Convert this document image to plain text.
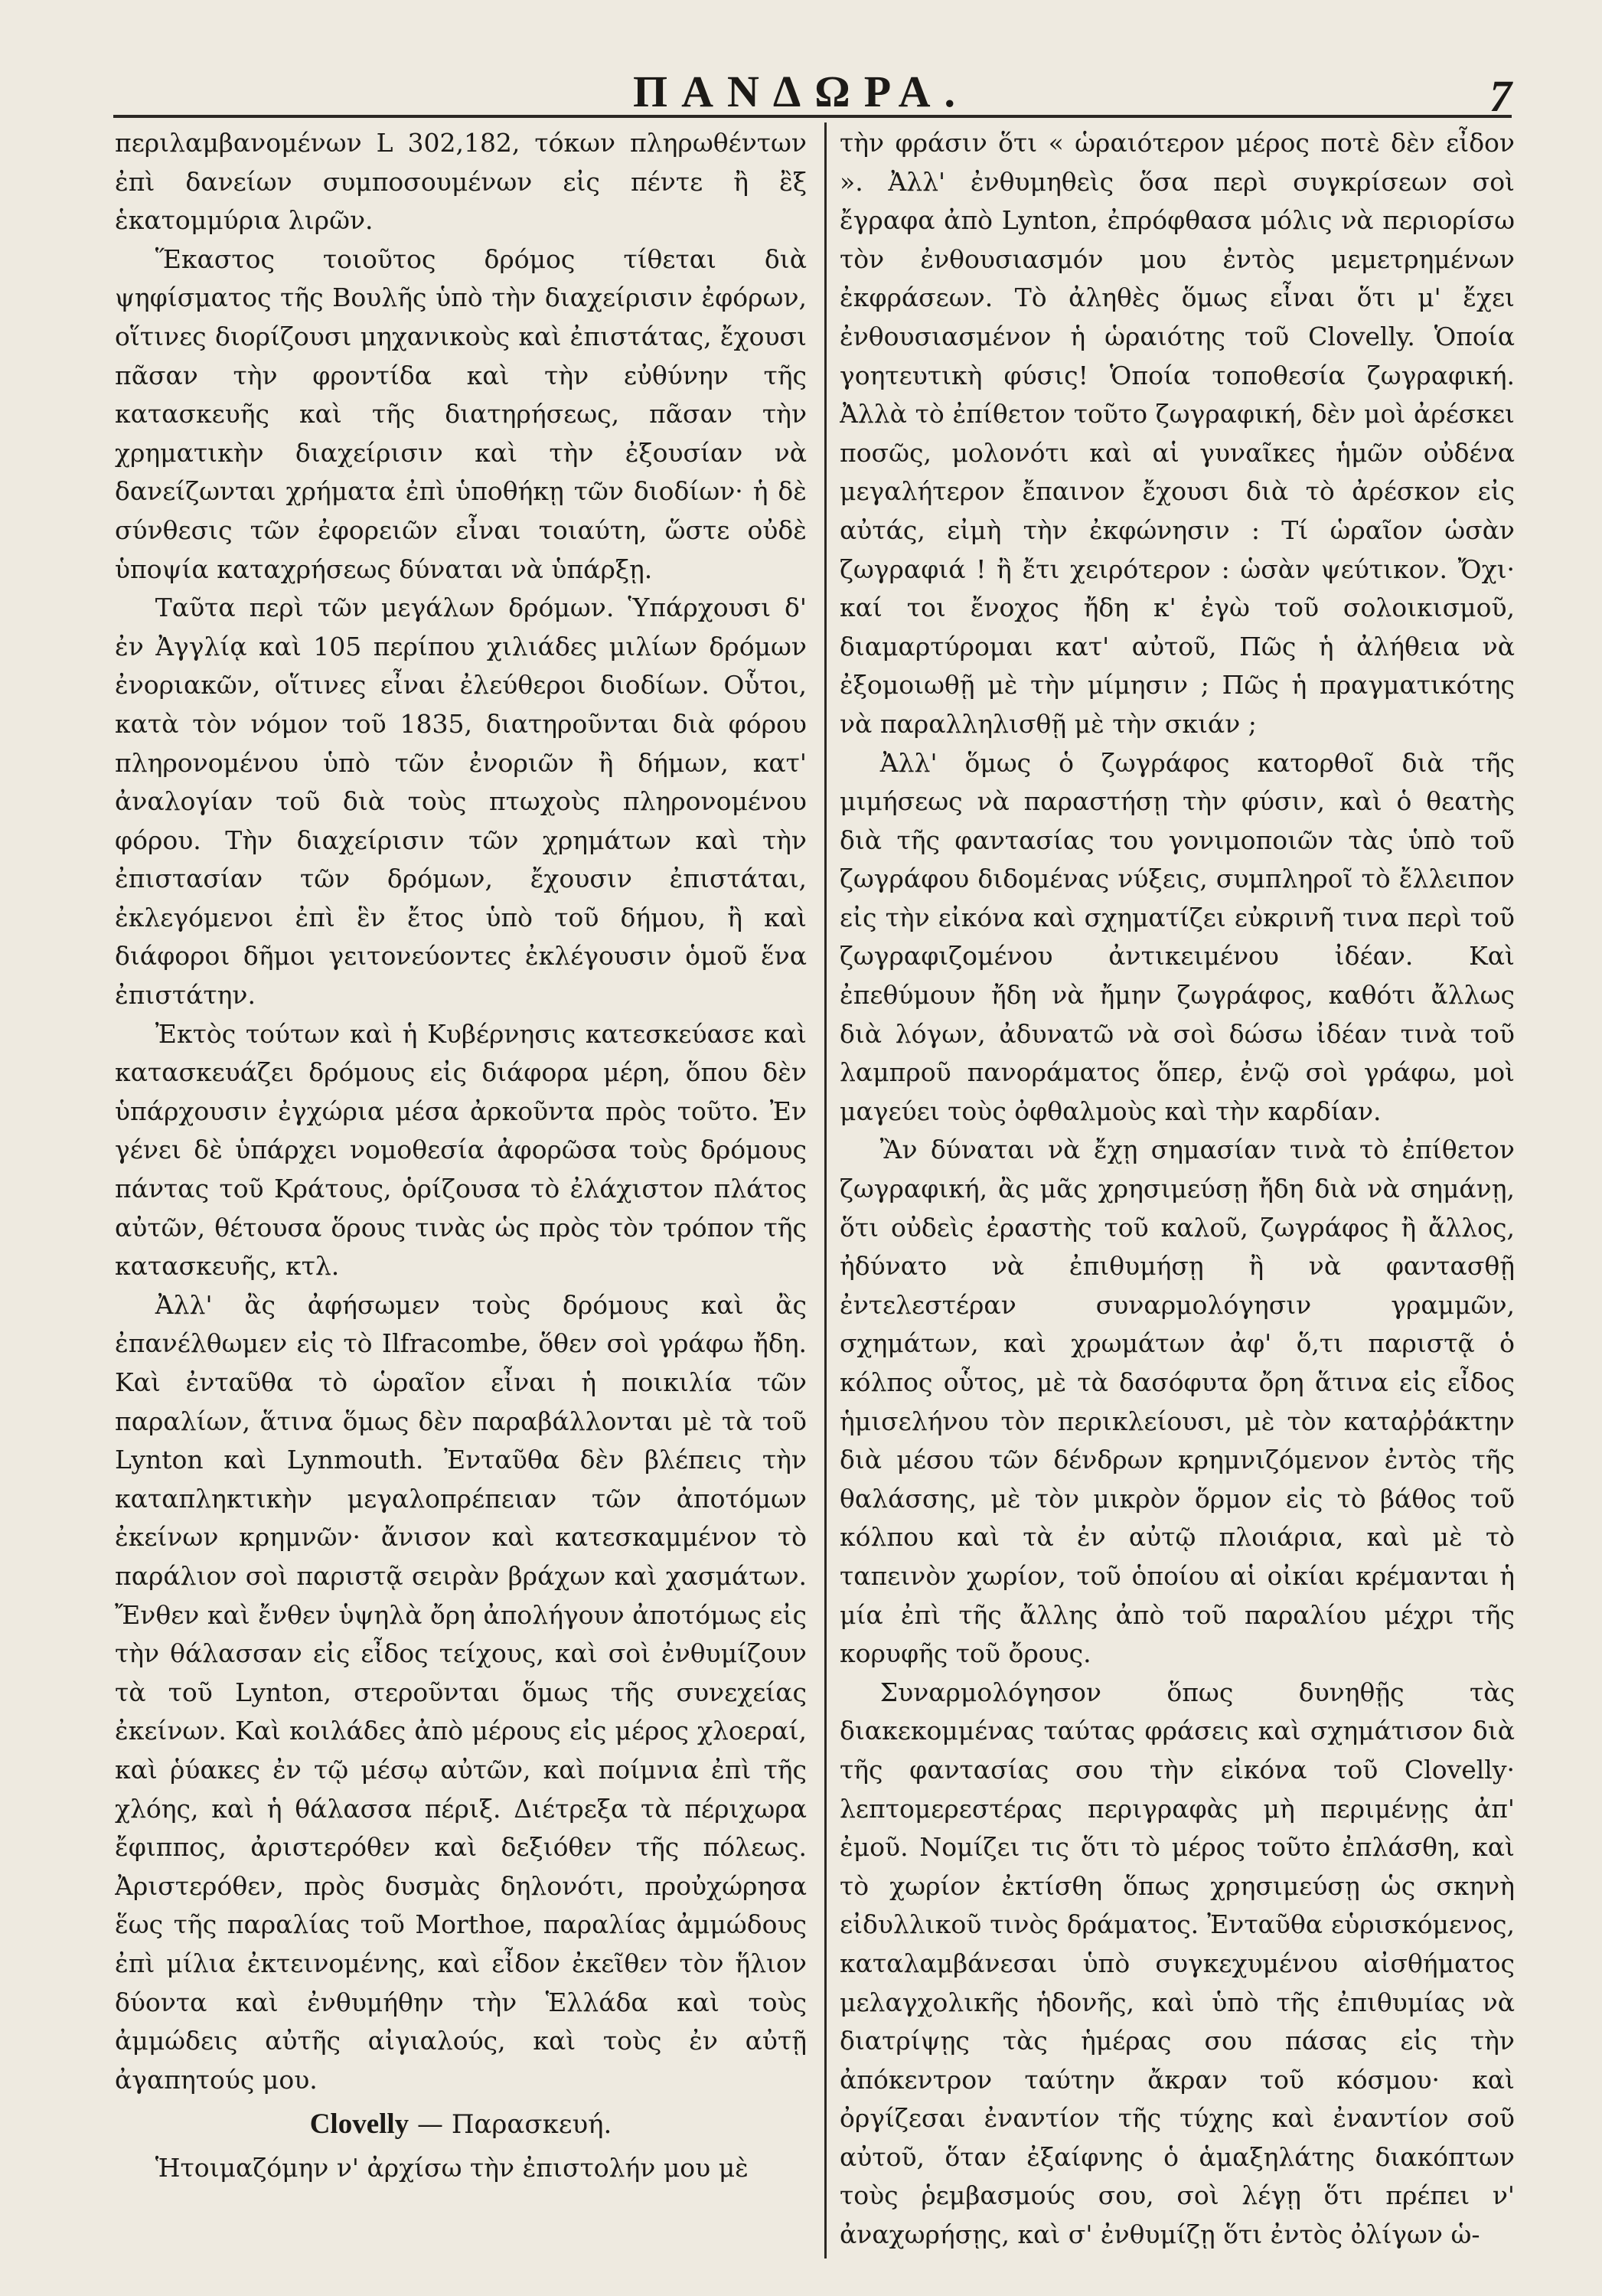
ΠΑΝΔΩΡΑ.	7

περιλαμβανομένων L 302,182, τόκων πληρωθέντων ἐπὶ δανείων συμποσουμένων εἰς πέντε ἢ ἒξ ἑκατομμύρια λιρῶν.

Ἕκαστος τοιοῦτος δρόμος τίθεται διὰ ψηφίσματος τῆς Βουλῆς ὑπὸ τὴν διαχείρισιν ἐφόρων, οἵτινες διορίζουσι μηχανικοὺς καὶ ἐπιστάτας, ἔχουσι πᾶσαν τὴν φροντίδα καὶ τὴν εὐθύνην τῆς κατασκευῆς καὶ τῆς διατηρήσεως, πᾶσαν τὴν χρηματικὴν διαχείρισιν καὶ τὴν ἐξουσίαν νὰ δανείζωνται χρήματα ἐπὶ ὑποθήκῃ τῶν διοδίων· ἡ δὲ σύνθεσις τῶν ἐφορειῶν εἶναι τοιαύτη, ὥστε οὐδὲ ὑποψία καταχρήσεως δύναται νὰ ὑπάρξῃ.

Ταῦτα περὶ τῶν μεγάλων δρόμων. Ὑπάρχουσι δ' ἐν Ἀγγλίᾳ καὶ 105 περίπου χιλιάδες μιλίων δρόμων ἐνοριακῶν, οἵτινες εἶναι ἐλεύθεροι διοδίων. Οὗτοι, κατὰ τὸν νόμον τοῦ 1835, διατηροῦνται διὰ φόρου πληρονομένου ὑπὸ τῶν ἐνοριῶν ἢ δήμων, κατ' ἀναλογίαν τοῦ διὰ τοὺς πτωχοὺς πληρονομένου φόρου. Τὴν διαχείρισιν τῶν χρημάτων καὶ τὴν ἐπιστασίαν τῶν δρόμων, ἔχουσιν ἐπιστάται, ἐκλεγόμενοι ἐπὶ ἓν ἔτος ὑπὸ τοῦ δήμου, ἢ καὶ διάφοροι δῆμοι γειτονεύοντες ἐκλέγουσιν ὁμοῦ ἕνα ἐπιστάτην.

Ἐκτὸς τούτων καὶ ἡ Κυβέρνησις κατεσκεύασε καὶ κατασκευάζει δρόμους εἰς διάφορα μέρη, ὅπου δὲν ὑπάρχουσιν ἐγχώρια μέσα ἀρκοῦντα πρὸς τοῦτο. Ἐν γένει δὲ ὑπάρχει νομοθεσία ἀφορῶσα τοὺς δρόμους πάντας τοῦ Κράτους, ὁρίζουσα τὸ ἐλάχιστον πλάτος αὐτῶν, θέτουσα ὅρους τινὰς ὡς πρὸς τὸν τρόπον τῆς κατασκευῆς, κτλ.

Ἀλλ' ἂς ἀφήσωμεν τοὺς δρόμους καὶ ἂς ἐπανέλθωμεν εἰς τὸ Ilfracombe, ὅθεν σοὶ γράφω ἤδη. Καὶ ἐνταῦθα τὸ ὡραῖον εἶναι ἡ ποικιλία τῶν παραλίων, ἅτινα ὅμως δὲν παραβάλλονται μὲ τὰ τοῦ Lynton καὶ Lynmouth. Ἐνταῦθα δὲν βλέπεις τὴν καταπληκτικὴν μεγαλοπρέπειαν τῶν ἀποτόμων ἐκείνων κρημνῶν· ἄνισον καὶ κατεσκαμμένον τὸ παράλιον σοὶ παριστᾷ σειρὰν βράχων καὶ χασμάτων. Ἔνθεν καὶ ἔνθεν ὑψηλὰ ὄρη ἀπολήγουν ἀποτόμως εἰς τὴν θάλασσαν εἰς εἶδος τείχους, καὶ σοὶ ἐνθυμίζουν τὰ τοῦ Lynton, στεροῦνται ὅμως τῆς συνεχείας ἐκείνων. Καὶ κοιλάδες ἀπὸ μέρους εἰς μέρος χλοεραί, καὶ ῥύακες ἐν τῷ μέσῳ αὐτῶν, καὶ ποίμνια ἐπὶ τῆς χλόης, καὶ ἡ θάλασσα πέριξ. Διέτρεξα τὰ πέριχωρα ἔφιππος, ἀριστερόθεν καὶ δεξιόθεν τῆς πόλεως. Ἀριστερόθεν, πρὸς δυσμὰς δηλονότι, προὐχώρησα ἕως τῆς παραλίας τοῦ Morthoe, παραλίας ἀμμώδους ἐπὶ μίλια ἐκτεινομένης, καὶ εἶδον ἐκεῖθεν τὸν ἥλιον δύοντα καὶ ἐνθυμήθην τὴν Ἑλλάδα καὶ τοὺς ἀμμώδεις αὐτῆς αἰγιαλούς, καὶ τοὺς ἐν αὐτῇ ἀγαπητούς μου.

Clovelly — Παρασκευή.

Ἡτοιμαζόμην ν' ἀρχίσω τὴν ἐπιστολήν μου μὲ

τὴν φράσιν ὅτι « ὡραιότερον μέρος ποτὲ δὲν εἶδον ». Ἀλλ' ἐνθυμηθεὶς ὅσα περὶ συγκρίσεων σοὶ ἔγραφα ἀπὸ Lynton, ἐπρόφθασα μόλις νὰ περιορίσω τὸν ἐνθουσιασμόν μου ἐντὸς μεμετρημένων ἐκφράσεων. Τὸ ἀληθὲς ὅμως εἶναι ὅτι μ' ἔχει ἐνθουσιασμένον ἡ ὡραιότης τοῦ Clovelly. Ὁποία γοητευτικὴ φύσις! Ὁποία τοποθεσία ζωγραφική. Ἀλλὰ τὸ ἐπίθετον τοῦτο ζωγραφική, δὲν μοὶ ἀρέσκει ποσῶς, μολονότι καὶ αἱ γυναῖκες ἡμῶν οὐδένα μεγαλήτερον ἔπαινον ἔχουσι διὰ τὸ ἀρέσκον εἰς αὐτάς, εἰμὴ τὴν ἐκφώνησιν : Τί ὡραῖον ὡσὰν ζωγραφιά ! ἢ ἔτι χειρότερον : ὡσὰν ψεύτικον. Ὄχι· καί τοι ἔνοχος ἤδη κ' ἐγὼ τοῦ σολοικισμοῦ, διαμαρτύρομαι κατ' αὐτοῦ, Πῶς ἡ ἀλήθεια νὰ ἐξομοιωθῇ μὲ τὴν μίμησιν ; Πῶς ἡ πραγματικότης νὰ παραλληλισθῇ μὲ τὴν σκιάν ;

Ἀλλ' ὅμως ὁ ζωγράφος κατορθοῖ διὰ τῆς μιμήσεως νὰ παραστήσῃ τὴν φύσιν, καὶ ὁ θεατὴς διὰ τῆς φαντασίας του γονιμοποιῶν τὰς ὑπὸ τοῦ ζωγράφου διδομένας νύξεις, συμπληροῖ τὸ ἔλλειπον εἰς τὴν εἰκόνα καὶ σχηματίζει εὐκρινῆ τινα περὶ τοῦ ζωγραφιζομένου ἀντικειμένου ἰδέαν. Καὶ ἐπεθύμουν ἤδη νὰ ἤμην ζωγράφος, καθότι ἄλλως διὰ λόγων, ἀδυνατῶ νὰ σοὶ δώσω ἰδέαν τινὰ τοῦ λαμπροῦ πανοράματος ὅπερ, ἐνῷ σοὶ γράφω, μοὶ μαγεύει τοὺς ὀφθαλμοὺς καὶ τὴν καρδίαν.

Ἂν δύναται νὰ ἔχῃ σημασίαν τινὰ τὸ ἐπίθετον ζωγραφική, ἂς μᾶς χρησιμεύσῃ ἤδη διὰ νὰ σημάνῃ, ὅτι οὐδεὶς ἐραστὴς τοῦ καλοῦ, ζωγράφος ἢ ἄλλος, ἠδύνατο νὰ ἐπιθυμήσῃ ἢ νὰ φαντασθῇ ἐντελεστέραν συναρμολόγησιν γραμμῶν, σχημάτων, καὶ χρωμάτων ἀφ' ὅ,τι παριστᾷ ὁ κόλπος οὗτος, μὲ τὰ δασόφυτα ὄρη ἅτινα εἰς εἶδος ἡμισελήνου τὸν περικλείουσι, μὲ τὸν καταῤῥάκτην διὰ μέσου τῶν δένδρων κρημνιζόμενον ἐντὸς τῆς θαλάσσης, μὲ τὸν μικρὸν ὅρμον εἰς τὸ βάθος τοῦ κόλπου καὶ τὰ ἐν αὐτῷ πλοιάρια, καὶ μὲ τὸ ταπεινὸν χωρίον, τοῦ ὁποίου αἱ οἰκίαι κρέμανται ἡ μία ἐπὶ τῆς ἄλλης ἀπὸ τοῦ παραλίου μέχρι τῆς κορυφῆς τοῦ ὄρους.

Συναρμολόγησον ὅπως δυνηθῇς τὰς διακεκομμένας ταύτας φράσεις καὶ σχημάτισον διὰ τῆς φαντασίας σου τὴν εἰκόνα τοῦ Clovelly· λεπτομερεστέρας περιγραφὰς μὴ περιμένῃς ἀπ' ἐμοῦ. Νομίζει τις ὅτι τὸ μέρος τοῦτο ἐπλάσθη, καὶ τὸ χωρίον ἐκτίσθη ὅπως χρησιμεύσῃ ὡς σκηνὴ εἰδυλλικοῦ τινὸς δράματος. Ἐνταῦθα εὑρισκόμενος, καταλαμβάνεσαι ὑπὸ συγκεχυμένου αἰσθήματος μελαγχολικῆς ἡδονῆς, καὶ ὑπὸ τῆς ἐπιθυμίας νὰ διατρίψῃς τὰς ἡμέρας σου πάσας εἰς τὴν ἀπόκεντρον ταύτην ἄκραν τοῦ κόσμου· καὶ ὀργίζεσαι ἐναντίον τῆς τύχης καὶ ἐναντίον σοῦ αὐτοῦ, ὅταν ἐξαίφνης ὁ ἁμαξηλάτης διακόπτων τοὺς ῥεμβασμούς σου, σοὶ λέγῃ ὅτι πρέπει ν' ἀναχωρήσῃς, καὶ σ' ἐνθυμίζῃ ὅτι ἐντὸς ὀλίγων ὡ-
